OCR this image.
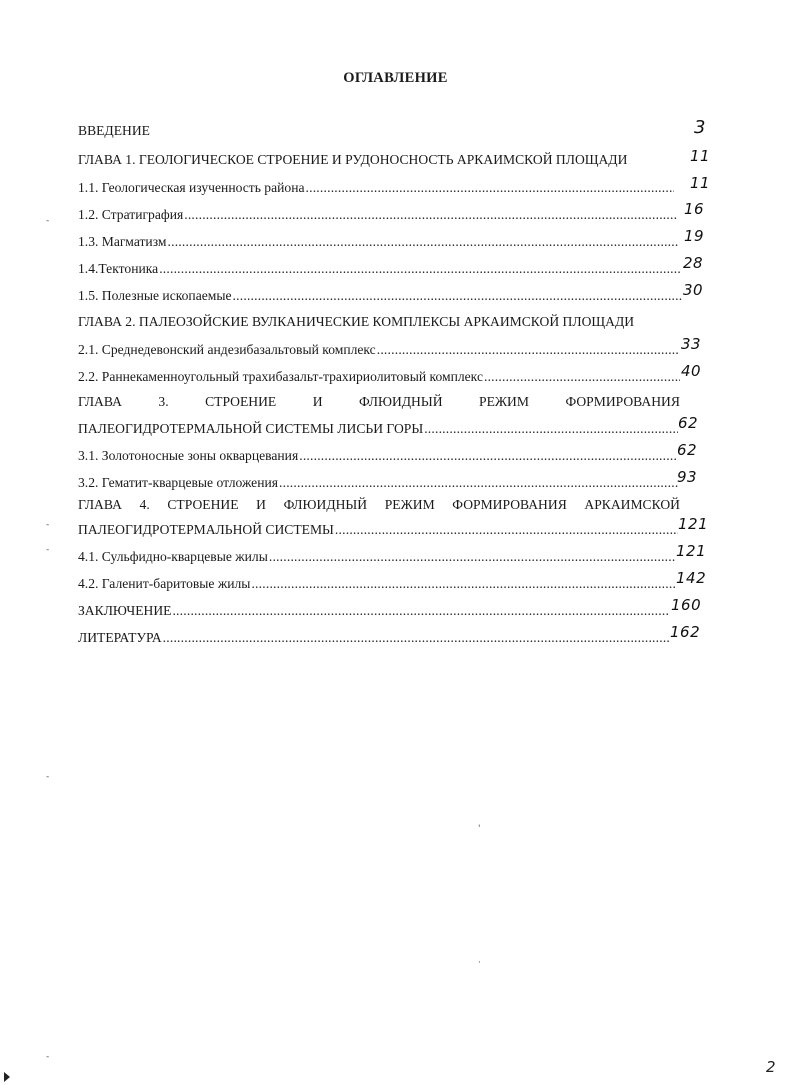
ОГЛАВЛЕНИЕ
ВВЕДЕНИЕ	3
ГЛАВА 1. ГЕОЛОГИЧЕСКОЕ СТРОЕНИЕ И РУДОНОСНОСТЬ АРКАИМСКОЙ ПЛОЩАДИ	11
1.1. Геологическая изученность района .....	11
1.2. Стратиграфия .....	16
1.3. Магматизм .....	19
1.4.Тектоника .....	28
1.5. Полезные ископаемые .....	30
ГЛАВА 2. ПАЛЕОЗОЙСКИЕ ВУЛКАНИЧЕСКИЕ КОМПЛЕКСЫ АРКАИМСКОЙ ПЛОЩАДИ
2.1. Среднедевонский андезибазальтовый комплекс .....	33
2.2. Раннекаменноугольный трахибазальт-трахириолитовый комплекс .....	40
ГЛАВА	3.	СТРОЕНИЕ	И	ФЛЮИДНЫЙ	РЕЖИМ	ФОРМИРОВАНИЯ
ПАЛЕОГИДРОТЕРМАЛЬНОЙ СИСТЕМЫ ЛИСЬИ ГОРЫ .....	62
3.1. Золотоносные зоны окварцевания .....	62
3.2. Гематит-кварцевые отложения .....	93
ГЛАВА 4. СТРОЕНИЕ И ФЛЮИДНЫЙ РЕЖИМ ФОРМИРОВАНИЯ АРКАИМСКОЙ
ПАЛЕОГИДРОТЕРМАЛЬНОЙ СИСТЕМЫ .....	121
4.1. Сульфидно-кварцевые жилы .....	121
4.2. Галенит-баритовые жилы .....	142
ЗАКЛЮЧЕНИЕ .....	160
ЛИТЕРАТУРА .....	162
-
-
-
-
-
'
·
2
